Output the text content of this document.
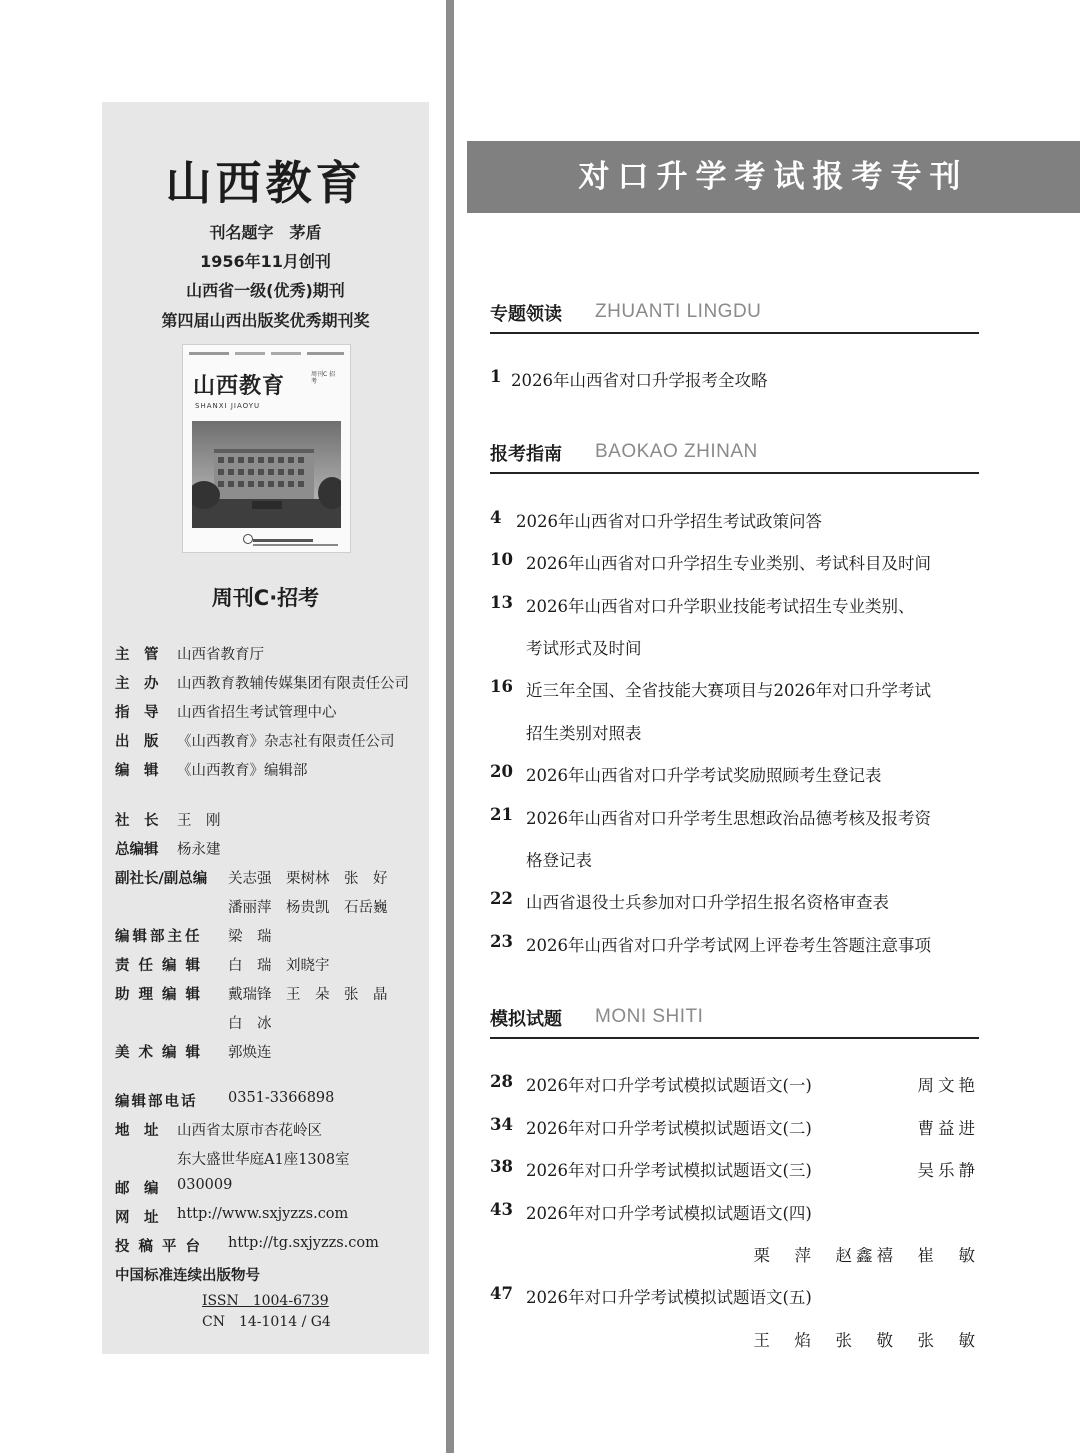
山西教育
刊名题字　茅盾
1956年11月创刊
山西省一级(优秀)期刊
第四届山西出版奖优秀期刊奖
山西教育
SHANXI JIAOYU
周刊C 招考
周刊C·招考
主　管 山西省教育厅
主　办 山西教育教辅传媒集团有限责任公司
指　导 山西省招生考试管理中心
出　版 《山西教育》杂志社有限责任公司
编　辑 《山西教育》编辑部
社　长 王　刚
总编辑 杨永建
副社长/副总编 关志强　栗树林　张　好
潘丽萍　杨贵凯　石岳巍
编辑部主任 梁　瑞
责任编辑 白　瑞　刘晓宇
助理编辑 戴瑞锋　王　朵　张　晶
白　冰
美术编辑 郭焕连
编辑部电话 0351-3366898
地　址 山西省太原市杏花岭区
东大盛世华庭A1座1308室
邮　编 030009
网　址 http://www.sxjyzzs.com
投稿平台 http://tg.sxjyzzs.com
中国标准连续出版物号
ISSN　1004-6739
CN　14-1014 / G4
对口升学考试报考专刊
专题领读 ZHUANTI LINGDU
1 2026年山西省对口升学报考全攻略
报考指南 BAOKAO ZHINAN
4 2026年山西省对口升学招生考试政策问答
10 2026年山西省对口升学招生专业类别、考试科目及时间
13 2026年山西省对口升学职业技能考试招生专业类别、
考试形式及时间
16 近三年全国、全省技能大赛项目与2026年对口升学考试
招生类别对照表
20 2026年山西省对口升学考试奖励照顾考生登记表
21 2026年山西省对口升学考生思想政治品德考核及报考资
格登记表
22 山西省退役士兵参加对口升学招生报名资格审查表
23 2026年山西省对口升学考试网上评卷考生答题注意事项
模拟试题 MONI SHITI
28 2026年对口升学考试模拟试题语文(一)	周文艳
34 2026年对口升学考试模拟试题语文(二)	曹益进
38 2026年对口升学考试模拟试题语文(三)	吴乐静
43 2026年对口升学考试模拟试题语文(四)
栗　萍　赵鑫禧　崔　敏
47 2026年对口升学考试模拟试题语文(五)
王　焰　张　敬　张　敏
